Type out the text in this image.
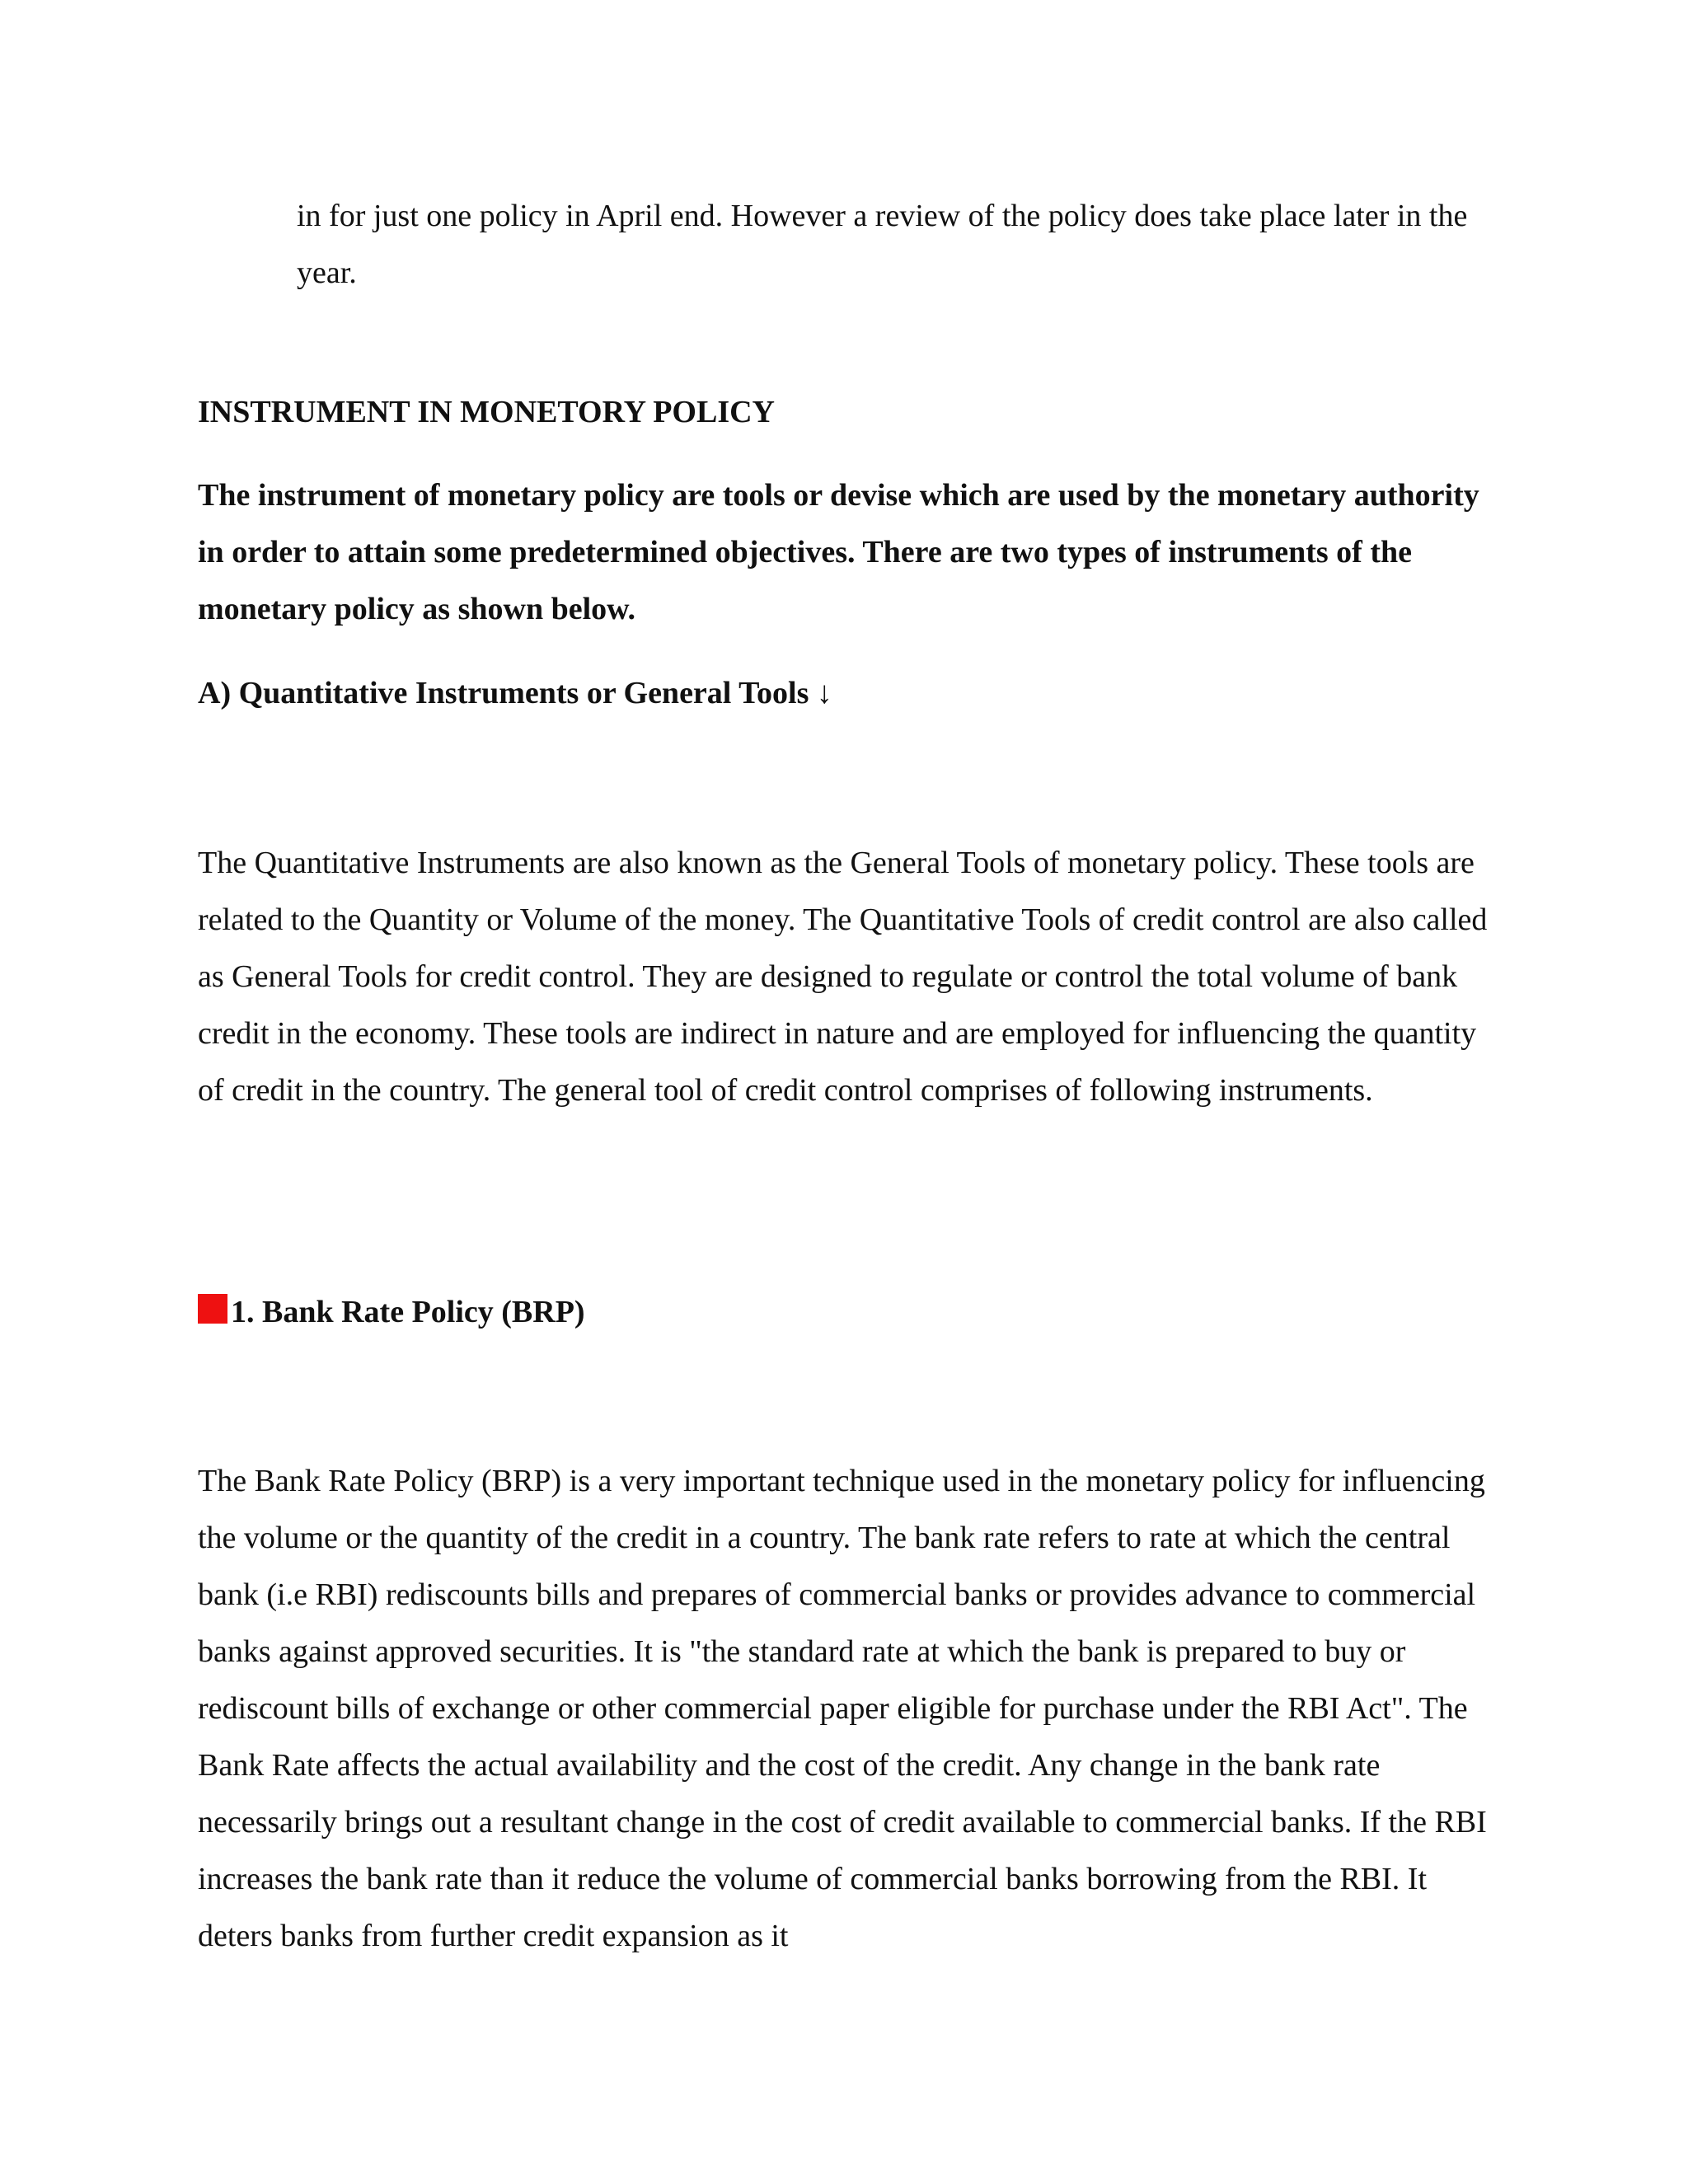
in for just one policy in April end. However a review of the policy does take place later in the year.

INSTRUMENT IN MONETORY POLICY

The instrument of monetary policy are tools or devise which are used by the monetary authority in order to attain some predetermined objectives. There are two types of instruments of the monetary policy as shown below.

A) Quantitative Instruments or General Tools ↓

The Quantitative Instruments are also known as the General Tools of monetary policy. These tools are related to the Quantity or Volume of the money. The Quantitative Tools of credit control are also called as General Tools for credit control. They are designed to regulate or control the total volume of bank credit in the economy. These tools are indirect in nature and are employed for influencing the quantity of credit in the country. The general tool of credit control comprises of following instruments.

1. Bank Rate Policy (BRP)

The Bank Rate Policy (BRP) is a very important technique used in the monetary policy for influencing the volume or the quantity of the credit in a country. The bank rate refers to rate at which the central bank (i.e RBI) rediscounts bills and prepares of commercial banks or provides advance to commercial banks against approved securities. It is "the standard rate at which the bank is prepared to buy or rediscount bills of exchange or other commercial paper eligible for purchase under the RBI Act". The Bank Rate affects the actual availability and the cost of the credit. Any change in the bank rate necessarily brings out a resultant change in the cost of credit available to commercial banks. If the RBI increases the bank rate than it reduce the volume of commercial banks borrowing from the RBI. It deters banks from further credit expansion as it
